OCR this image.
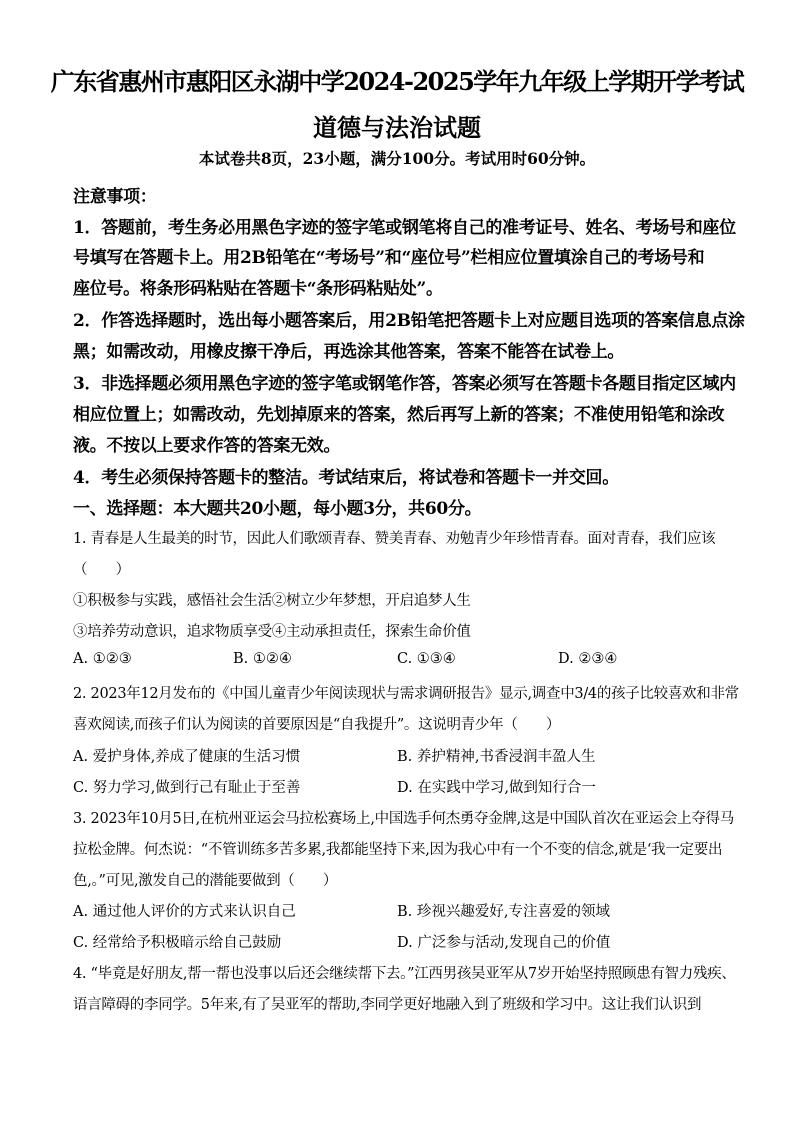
广东省惠州市惠阳区永湖中学2024-2025学年九年级上学期开学考试
道德与法治试题
本试卷共8页，23小题，满分100分。考试用时60分钟。
注意事项：
1．答题前，考生务必用黑色字迹的签字笔或钢笔将自己的准考证号、姓名、考场号和座位
号填写在答题卡上。用2B铅笔在“考场号”和“座位号”栏相应位置填涂自己的考场号和
座位号。将条形码粘贴在答题卡“条形码粘贴处”。
2．作答选择题时，选出每小题答案后，用2B铅笔把答题卡上对应题目选项的答案信息点涂
黑；如需改动，用橡皮擦干净后，再选涂其他答案，答案不能答在试卷上。
3．非选择题必须用黑色字迹的签字笔或钢笔作答，答案必须写在答题卡各题目指定区域内
相应位置上；如需改动，先划掉原来的答案，然后再写上新的答案；不准使用铅笔和涂改
液。不按以上要求作答的答案无效。
4．考生必须保持答题卡的整洁。考试结束后，将试卷和答题卡一并交回。
一、选择题：本大题共20小题，每小题3分，共60分。
1. 青春是人生最美的时节，因此人们歌颂青春、赞美青春、劝勉青少年珍惜青春。面对青春，我们应该
（　　）
①积极参与实践，感悟社会生活②树立少年梦想，开启追梦人生
③培养劳动意识，追求物质享受④主动承担责任，探索生命价值
A. ①②③	B. ①②④	C. ①③④	D. ②③④
2. 2023年12月发布的《中国儿童青少年阅读现状与需求调研报告》显示,调查中3/4的孩子比较喜欢和非常
喜欢阅读,而孩子们认为阅读的首要原因是“自我提升”。这说明青少年（　　）
A. 爱护身体,养成了健康的生活习惯	B. 养护精神,书香浸润丰盈人生
C. 努力学习,做到行己有耻止于至善	D. 在实践中学习,做到知行合一
3. 2023年10月5日,在杭州亚运会马拉松赛场上,中国选手何杰勇夺金牌,这是中国队首次在亚运会上夺得马
拉松金牌。何杰说：“不管训练多苦多累,我都能坚持下来,因为我心中有一个不变的信念,就是‘我一定要出
色,。”可见,激发自己的潜能要做到（　　）
A. 通过他人评价的方式来认识自己	B. 珍视兴趣爱好,专注喜爱的领域
C. 经常给予积极暗示给自己鼓励	D. 广泛参与活动,发现自己的价值
4. “毕竟是好朋友,帮一帮也没事以后还会继续帮下去。”江西男孩吴亚军从7岁开始坚持照顾患有智力残疾、
语言障碍的李同学。5年来,有了吴亚军的帮助,李同学更好地融入到了班级和学习中。这让我们认识到
